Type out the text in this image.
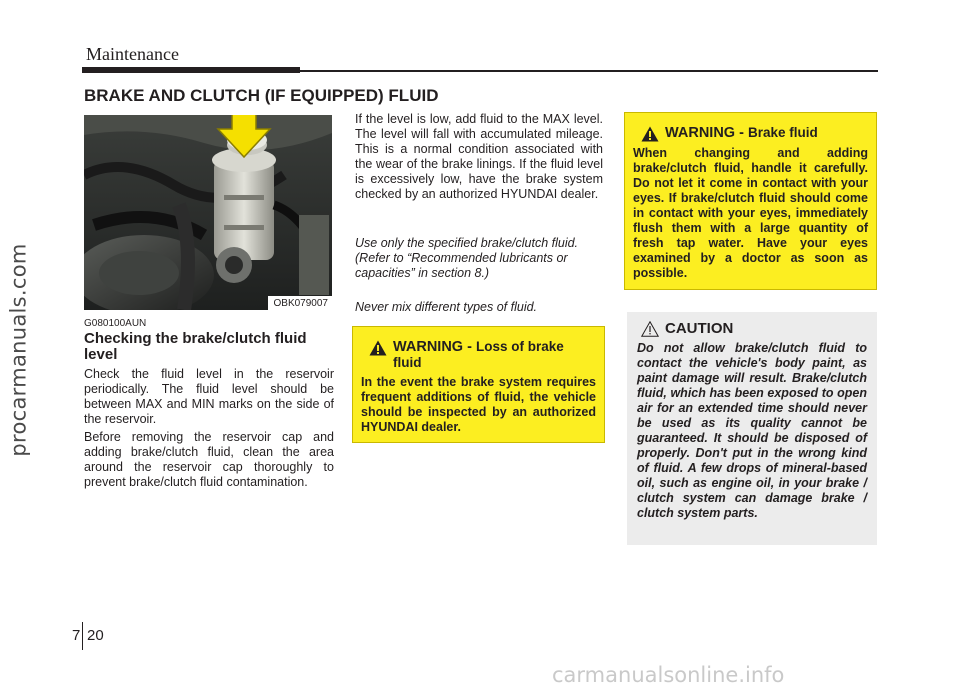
procarmanuals.com
Maintenance
BRAKE AND CLUTCH (IF EQUIPPED) FLUID
OBK079007
G080100AUN
Checking the brake/clutch fluid level
Check the fluid level in the reservoir periodically. The fluid level should be between MAX and MIN marks on the side of the reservoir.
Before removing the reservoir cap and adding brake/clutch fluid, clean the area around the reservoir cap thoroughly to prevent brake/clutch fluid contamination.
If the level is low, add fluid to the MAX level. The level will fall with accumulated mileage. This is a normal condition associated with the wear of the brake linings. If the fluid level is excessively low, have the brake system checked by an authorized HYUNDAI dealer.
Use only the specified brake/clutch fluid. (Refer to “Recommended lubricants or capacities” in section 8.)
Never mix different types of fluid.
WARNING - Loss of brake fluid
In the event the brake system requires frequent additions of fluid, the vehicle should be inspected by an authorized HYUNDAI dealer.
WARNING - Brake fluid
When changing and adding brake/clutch fluid, handle it carefully. Do not let it come in contact with your eyes. If brake/clutch fluid should come in contact with your eyes, immediately flush them with a large quantity of fresh tap water. Have your eyes examined by a doctor as soon as possible.
CAUTION
Do not allow brake/clutch fluid to contact the vehicle's body paint, as paint damage will result. Brake/clutch fluid, which has been exposed to open air for an extended time should never be used as its quality cannot be guaranteed. It should be disposed of properly. Don't put in the wrong kind of fluid. A few drops of mineral-based oil, such as engine oil, in your brake / clutch system can damage brake / clutch system parts.
7 20
carmanualsonline.info
